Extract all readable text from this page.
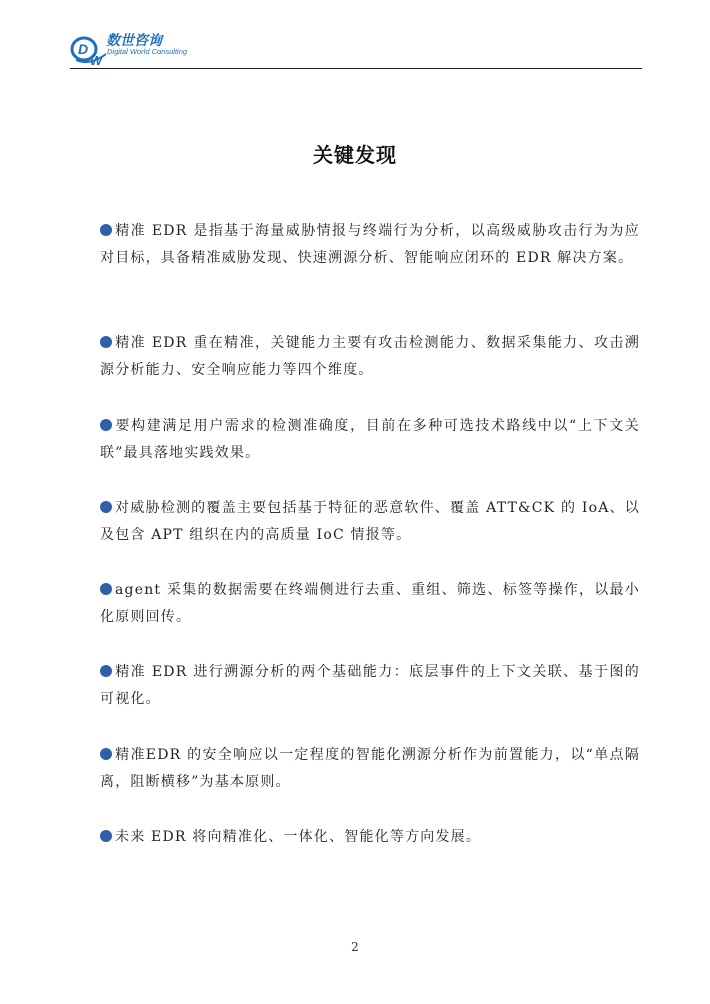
D
W
数世咨询
Digital World Consulting
关键发现
精准 EDR 是指基于海量威胁情报与终端行为分析，以高级威胁攻击行为为应对目标，具备精准威胁发现、快速溯源分析、智能响应闭环的 EDR 解决方案。
精准 EDR 重在精准，关键能力主要有攻击检测能力、数据采集能力、攻击溯源分析能力、安全响应能力等四个维度。
要构建满足用户需求的检测准确度，目前在多种可选技术路线中以“上下文关联”最具落地实践效果。
对威胁检测的覆盖主要包括基于特征的恶意软件、覆盖 ATT&CK 的 IoA、以及包含 APT 组织在内的高质量 IoC 情报等。
agent 采集的数据需要在终端侧进行去重、重组、筛选、标签等操作，以最小化原则回传。
精准 EDR 进行溯源分析的两个基础能力：底层事件的上下文关联、基于图的可视化。
精准EDR 的安全响应以一定程度的智能化溯源分析作为前置能力，以“单点隔离，阻断横移”为基本原则。
未来 EDR 将向精准化、一体化、智能化等方向发展。
2
